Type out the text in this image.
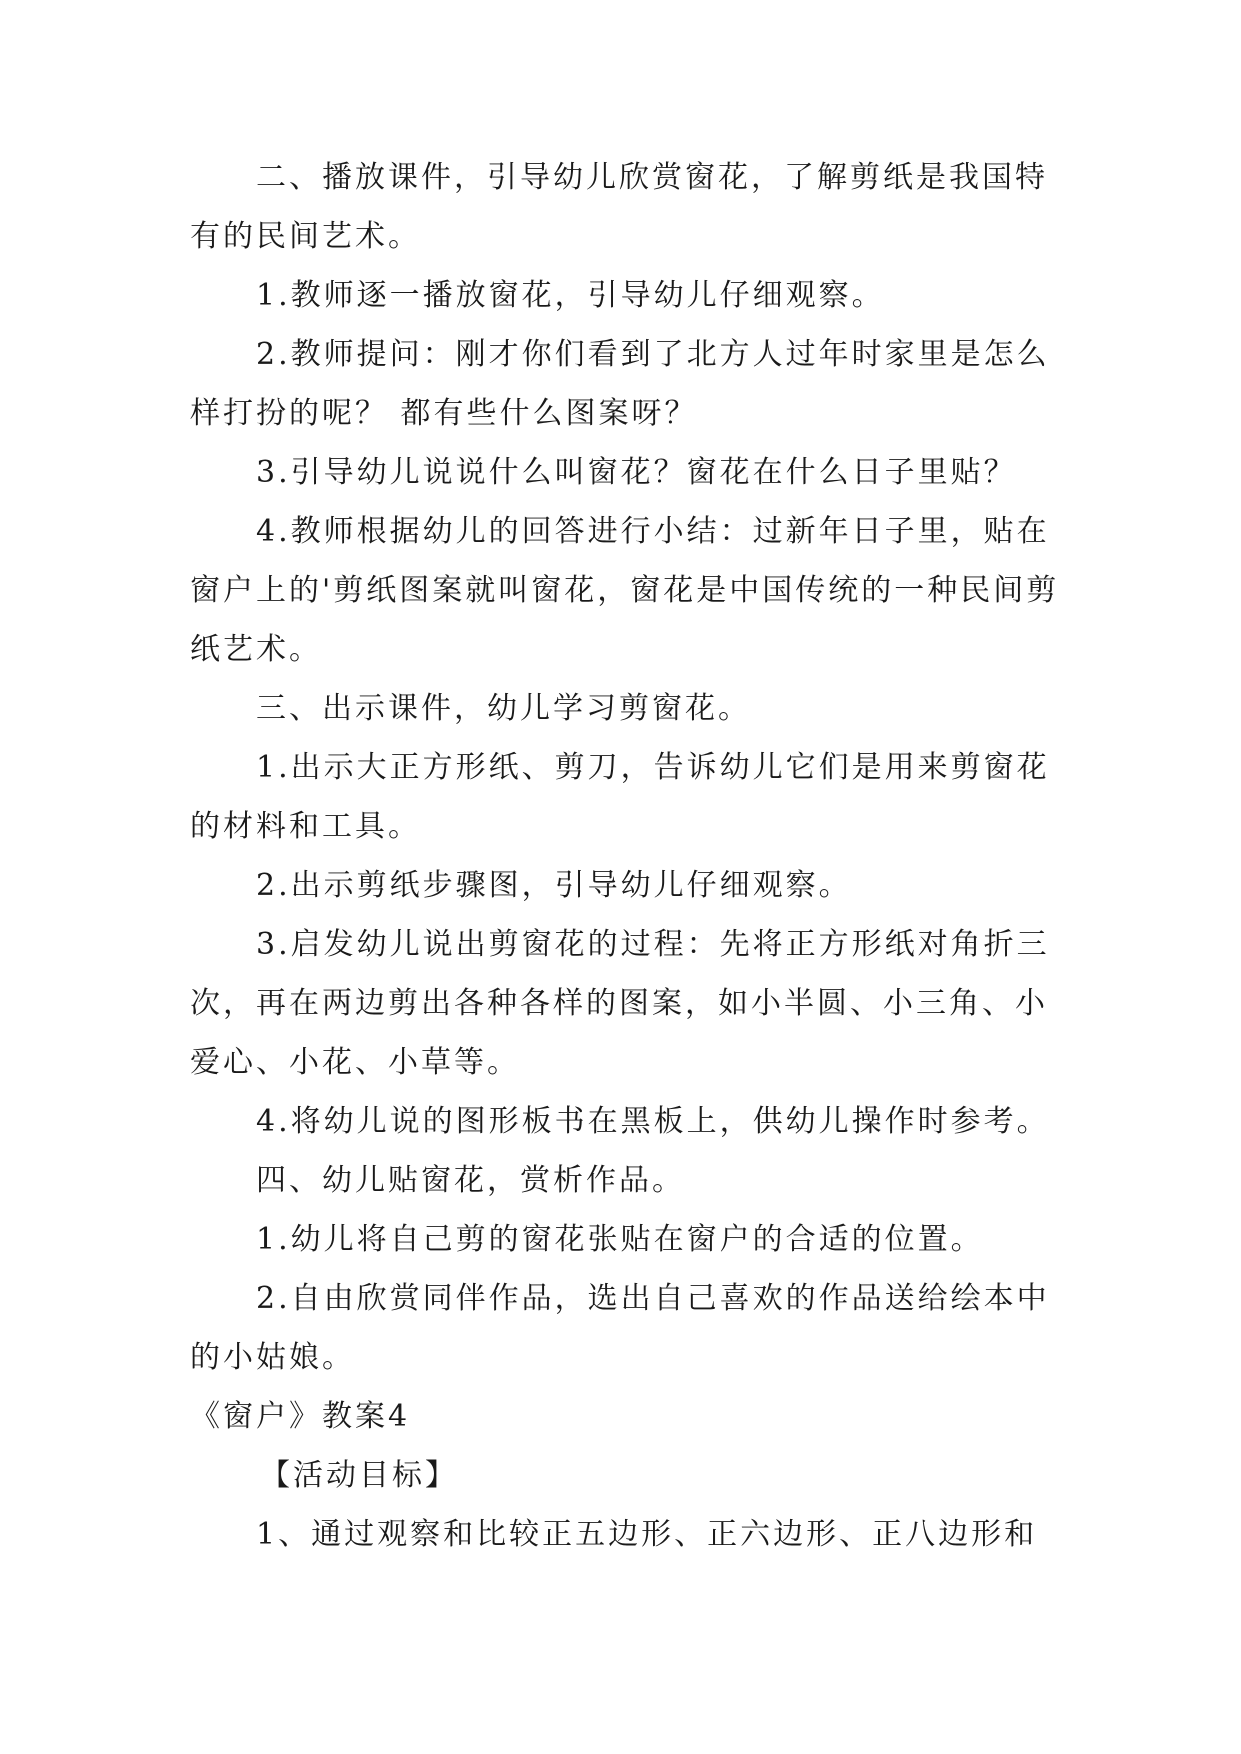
二、播放课件，引导幼儿欣赏窗花，了解剪纸是我国特有的民间艺术。

1.教师逐一播放窗花，引导幼儿仔细观察。

2.教师提问：刚才你们看到了北方人过年时家里是怎么样打扮的呢？ 都有些什么图案呀？

3.引导幼儿说说什么叫窗花？窗花在什么日子里贴？

4.教师根据幼儿的回答进行小结：过新年日子里，贴在窗户上的'剪纸图案就叫窗花，窗花是中国传统的一种民间剪纸艺术。

三、出示课件，幼儿学习剪窗花。

1.出示大正方形纸、剪刀，告诉幼儿它们是用来剪窗花的材料和工具。

2.出示剪纸步骤图，引导幼儿仔细观察。

3.启发幼儿说出剪窗花的过程：先将正方形纸对角折三次，再在两边剪出各种各样的图案，如小半圆、小三角、小爱心、小花、小草等。

4.将幼儿说的图形板书在黑板上，供幼儿操作时参考。

四、幼儿贴窗花，赏析作品。

1.幼儿将自己剪的窗花张贴在窗户的合适的位置。

2.自由欣赏同伴作品，选出自己喜欢的作品送给绘本中的小姑娘。

《窗户》教案4

【活动目标】

1、通过观察和比较正五边形、正六边形、正八边形和
